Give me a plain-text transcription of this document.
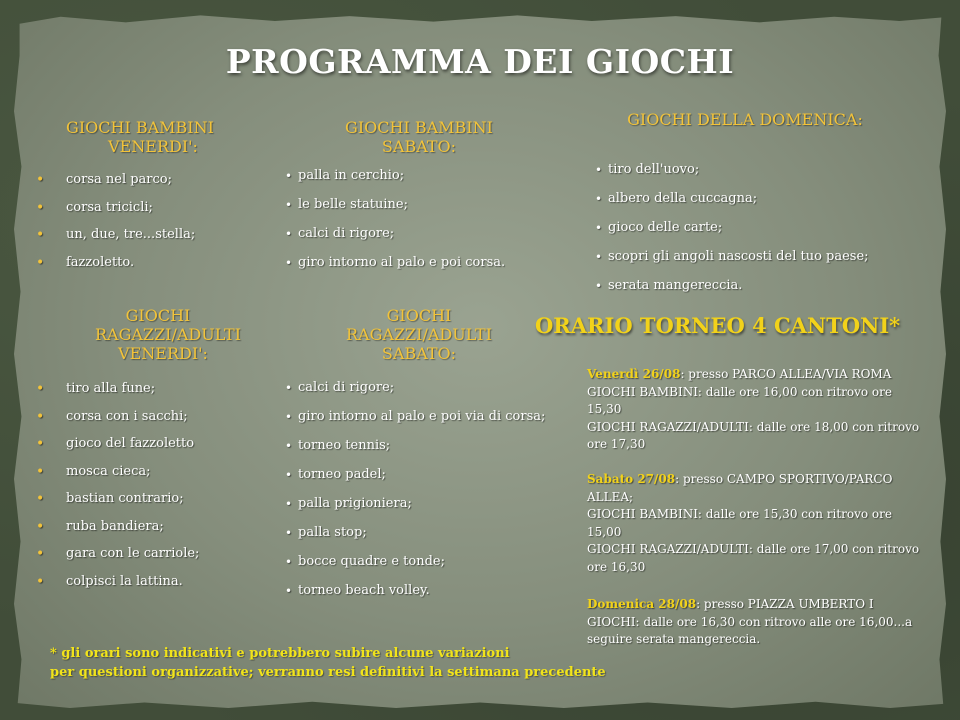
PROGRAMMA DEI GIOCHI
GIOCHI BAMBINI
VENERDI':
• corsa nel parco;
• corsa tricicli;
• un, due, tre...stella;
• fazzoletto.
GIOCHI BAMBINI
SABATO:
• palla in cerchio;
• le belle statuine;
• calci di rigore;
• giro intorno al palo e poi corsa.
GIOCHI DELLA DOMENICA:
• tiro dell'uovo;
• albero della cuccagna;
• gioco delle carte;
• scopri gli angoli nascosti del tuo paese;
• serata mangereccia.
GIOCHI
RAGAZZI/ADULTI
VENERDI':
• tiro alla fune;
• corsa con i sacchi;
• gioco del fazzoletto
• mosca cieca;
• bastian contrario;
• ruba bandiera;
• gara con le carriole;
• colpisci la lattina.
GIOCHI
RAGAZZI/ADULTI
SABATO:
• calci di rigore;
• giro intorno al palo e poi via di corsa;
• torneo tennis;
• torneo padel;
• palla prigioniera;
• palla stop;
• bocce quadre e tonde;
• torneo beach volley.
ORARIO TORNEO 4 CANTONI*

Venerdì 26/08: presso PARCO ALLEA/VIA ROMA

GIOCHI BAMBINI: dalle ore 16,00 con ritrovo ore 15,30

GIOCHI RAGAZZI/ADULTI: dalle ore 18,00 con ritrovo ore 17,30

Sabato 27/08: presso CAMPO SPORTIVO/PARCO ALLEA;

GIOCHI BAMBINI: dalle ore 15,30 con ritrovo ore 15,00

GIOCHI RAGAZZI/ADULTI: dalle ore 17,00 con ritrovo ore 16,30

Domenica 28/08: presso PIAZZA UMBERTO I

GIOCHI: dalle ore 16,30 con ritrovo alle ore 16,00...a seguire serata mangereccia.

* gli orari sono indicativi e potrebbero subire alcune variazioni
per questioni organizzative; verranno resi definitivi la settimana precedente
